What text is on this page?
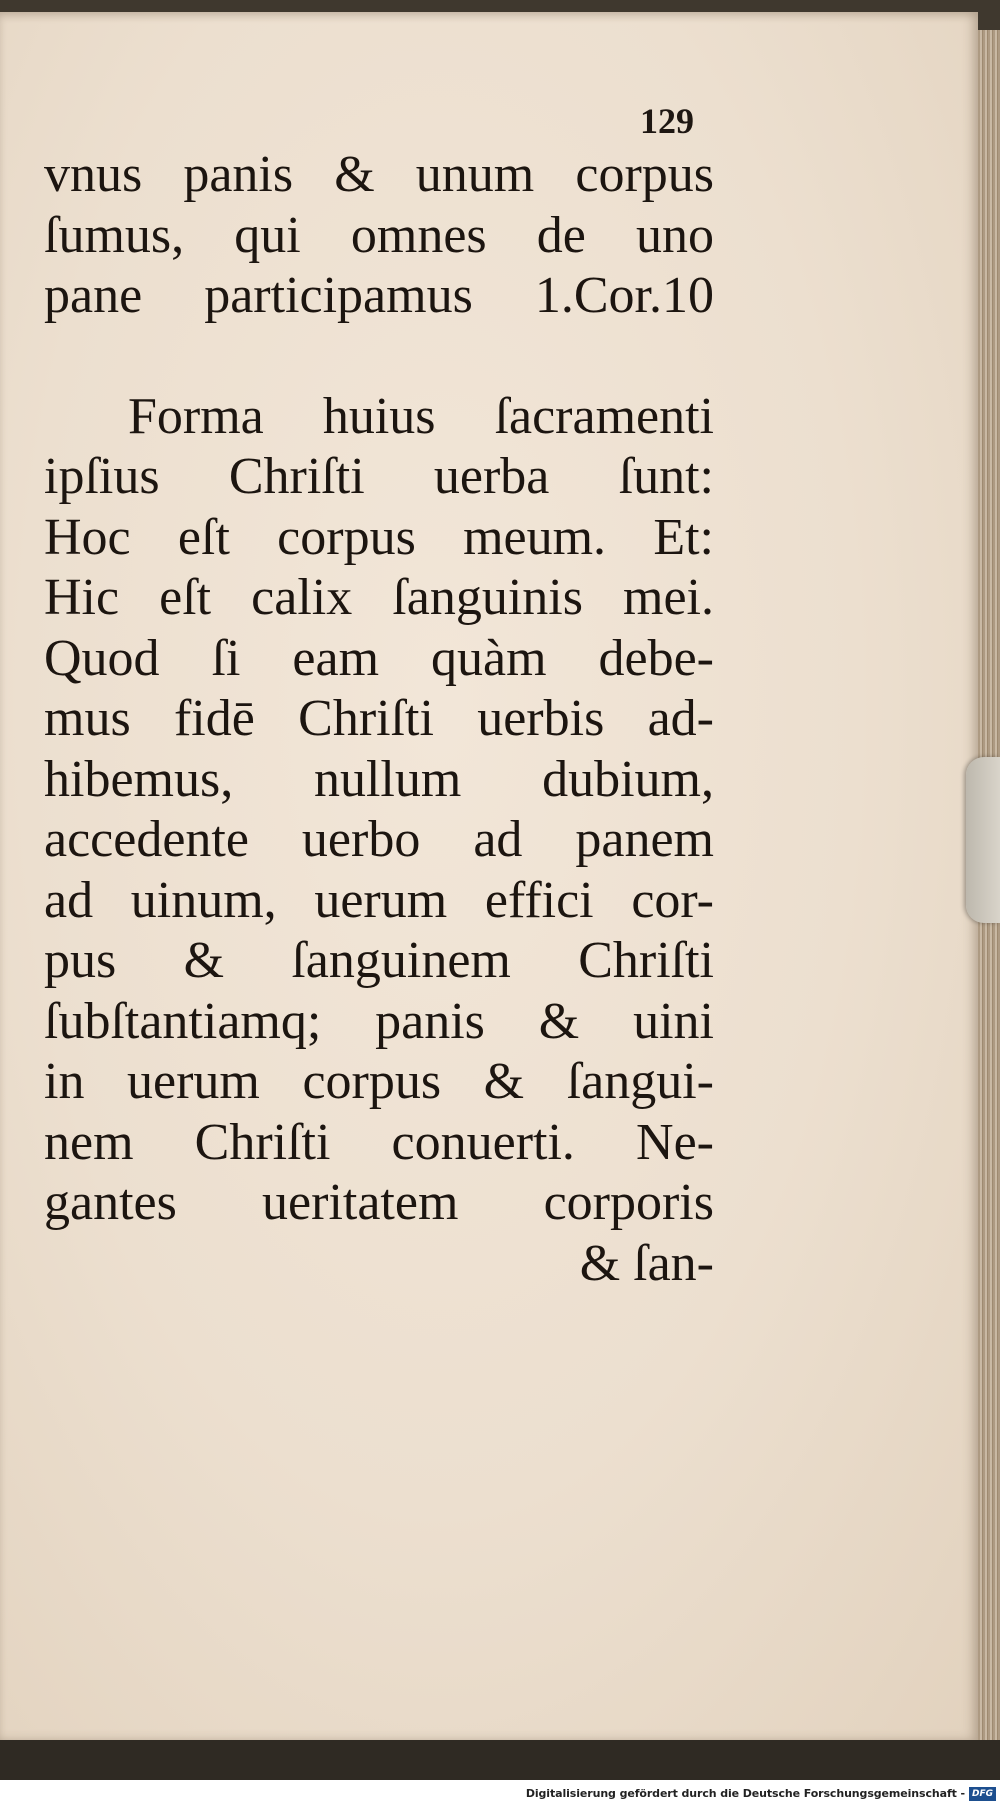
129
vnus panis & unum corpus
ſumus, qui omnes de uno
pane participamus 1.Cor.10
Forma huius ſacramenti
ipſius Chriſti uerba ſunt:
Hoc eſt corpus meum. Et:
Hic eſt calix ſanguinis mei.
Quod ſi eam quàm debe-
mus fidē Chriſti uerbis ad-
hibemus, nullum dubium,
accedente uerbo ad panem
ad uinum, uerum effici cor-
pus & ſanguinem Chriſti
ſubſtantiamq; panis & uini
in uerum corpus & ſangui-
nem Chriſti conuerti. Ne-
gantes ueritatem corporis
& ſan-
Digitalisierung gefördert durch die Deutsche Forschungsgemeinschaft - DFG
